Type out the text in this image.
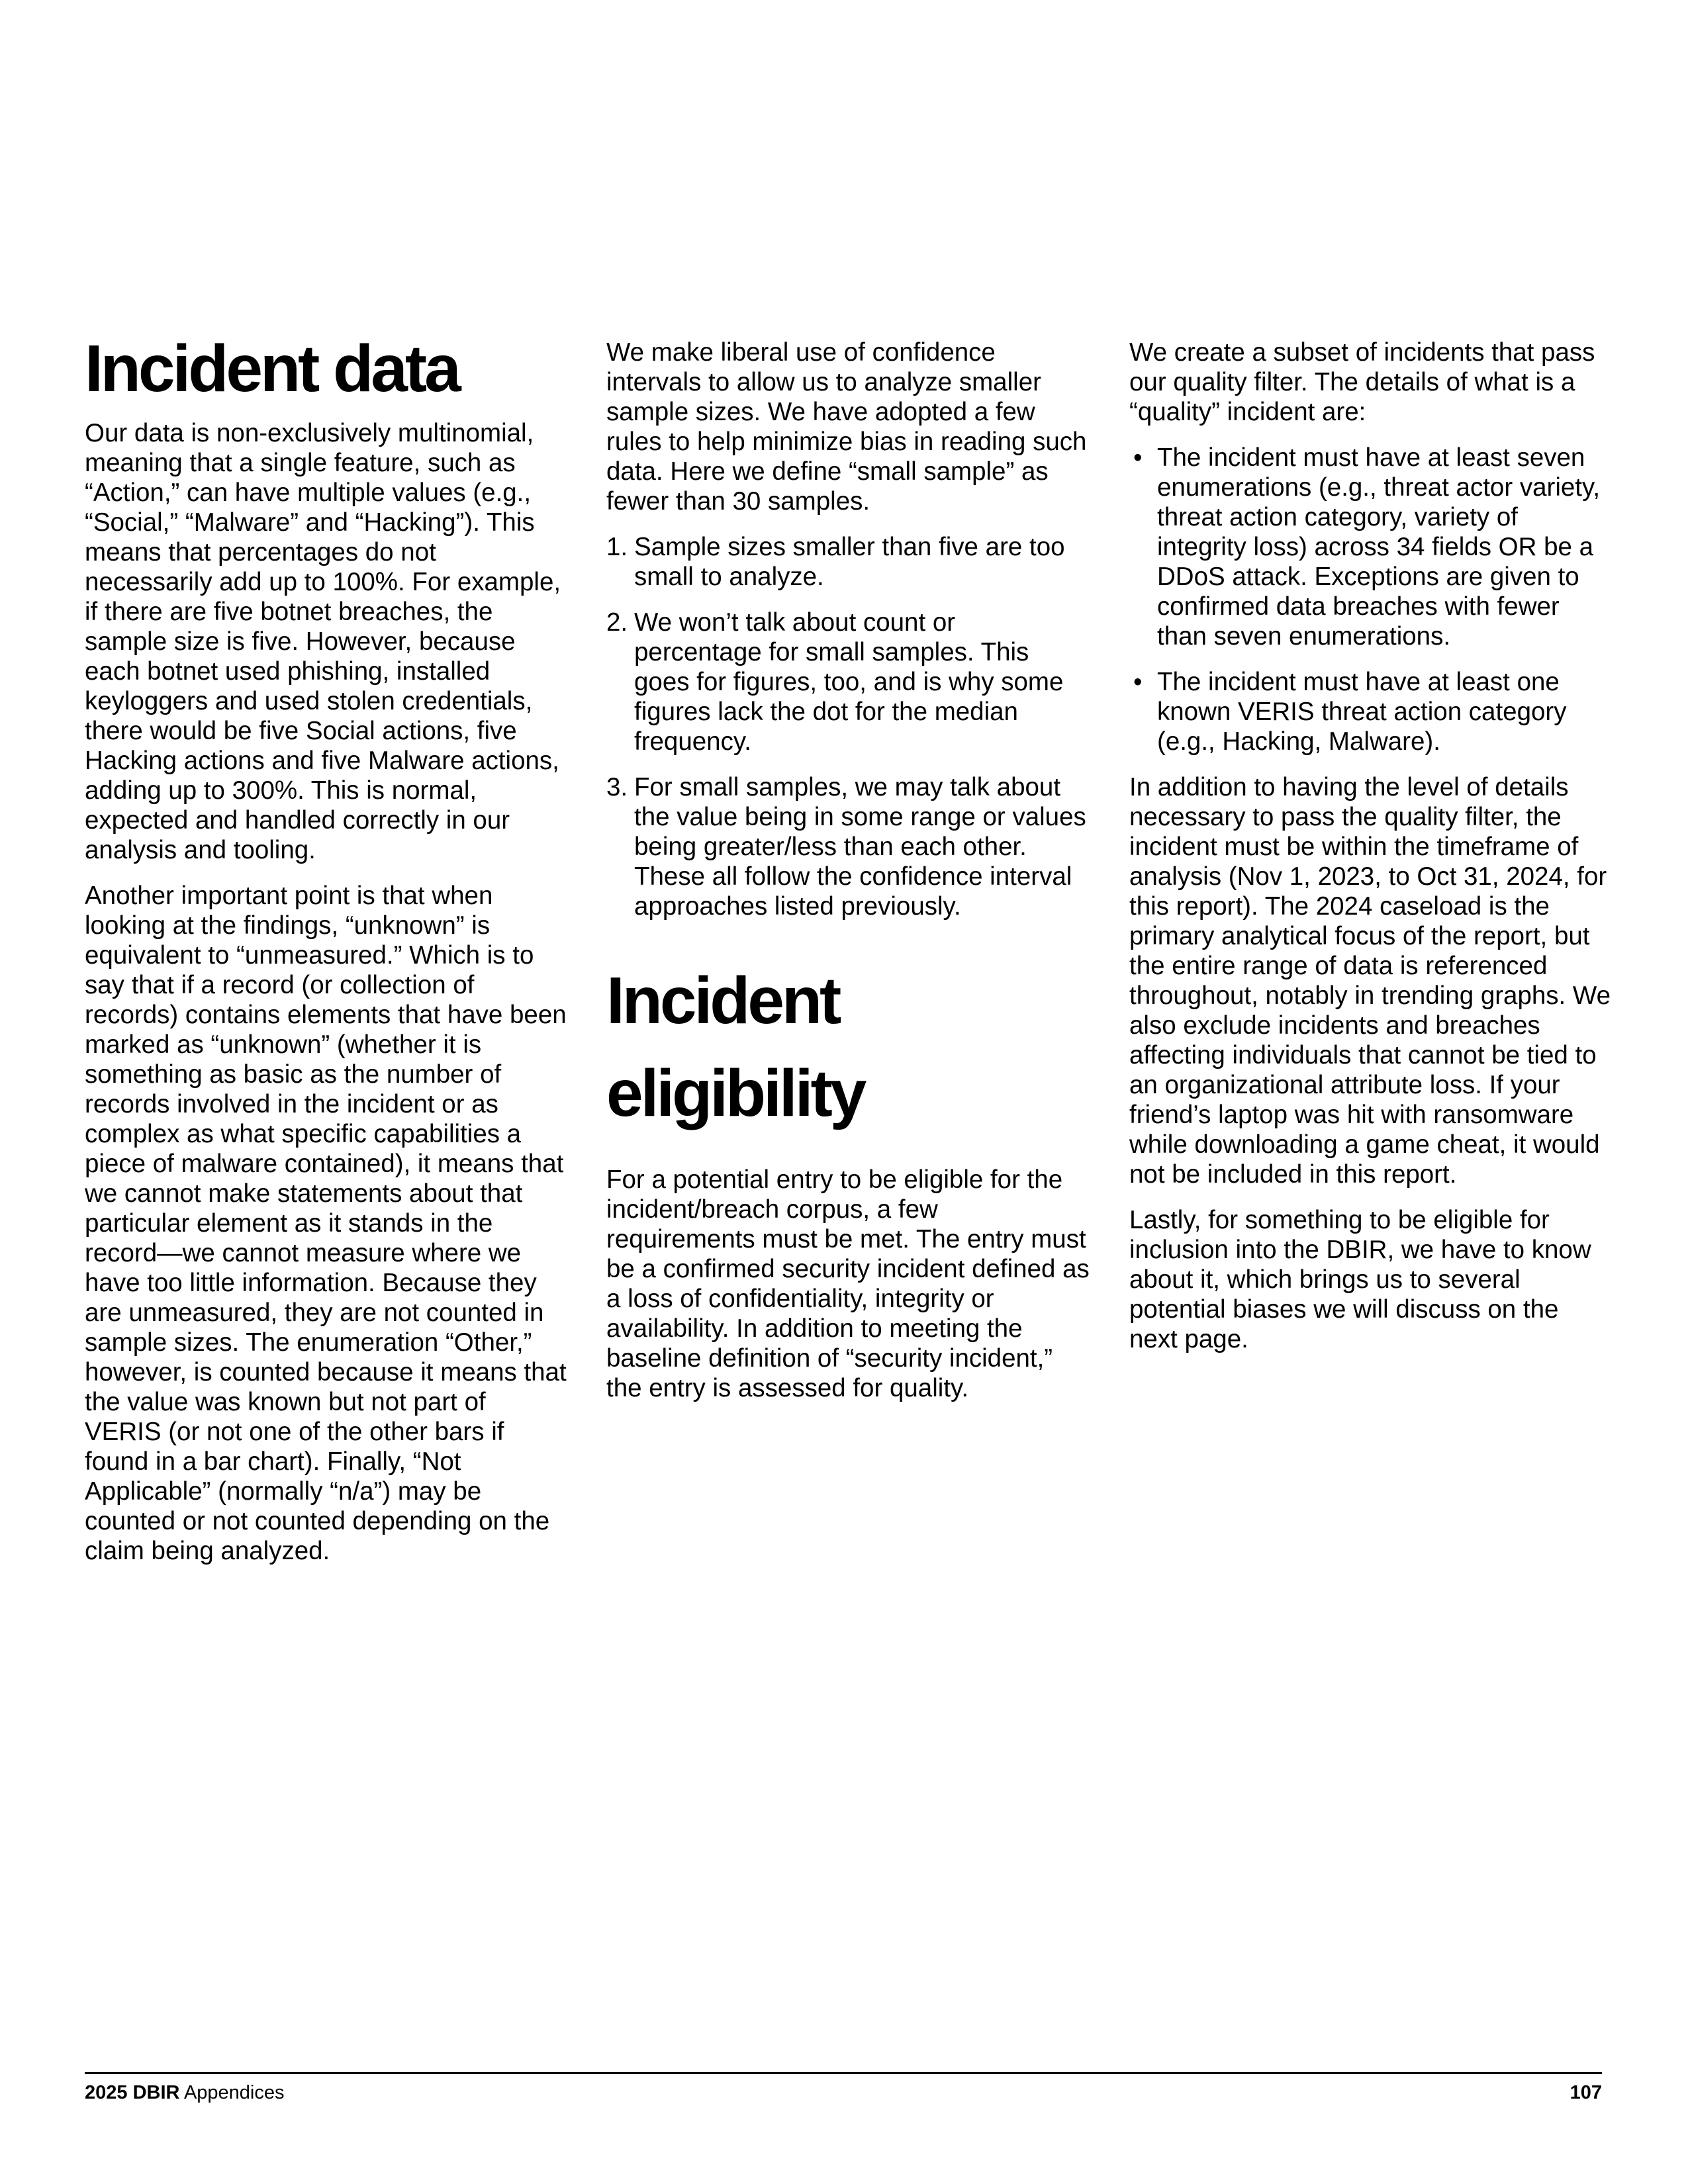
Incident data

Our data is non-exclusively multinomial, meaning that a single feature, such as “Action,” can have multiple values (e.g., “Social,” “Malware” and “Hacking”). This means that percentages do not necessarily add up to 100%. For example, if there are five botnet breaches, the sample size is five. However, because each botnet used phishing, installed keyloggers and used stolen credentials, there would be five Social actions, five Hacking actions and five Malware actions, adding up to 300%. This is normal, expected and handled correctly in our analysis and tooling.

Another important point is that when looking at the findings, “unknown” is equivalent to “unmeasured.” Which is to say that if a record (or collection of records) contains elements that have been marked as “unknown” (whether it is something as basic as the number of records involved in the incident or as complex as what specific capabilities a piece of malware contained), it means that we cannot make statements about that particular element as it stands in the record—we cannot measure where we have too little information. Because they are unmeasured, they are not counted in sample sizes. The enumeration “Other,” however, is counted because it means that the value was known but not part of VERIS (or not one of the other bars if found in a bar chart). Finally, “Not Applicable” (normally “n/a”) may be counted or not counted depending on the claim being analyzed.

We make liberal use of confidence intervals to allow us to analyze smaller sample sizes. We have adopted a few rules to help minimize bias in reading such data. Here we define “small sample” as fewer than 30 samples.

1. Sample sizes smaller than five are too small to analyze.
2. We won’t talk about count or percentage for small samples. This goes for figures, too, and is why some figures lack the dot for the median frequency.
3. For small samples, we may talk about the value being in some range or values being greater/less than each other. These all follow the confidence interval approaches listed previously.
Incident
eligibility

For a potential entry to be eligible for the incident/breach corpus, a few requirements must be met. The entry must be a confirmed security incident defined as a loss of confidentiality, integrity or availability. In addition to meeting the baseline definition of “security incident,” the entry is assessed for quality.

We create a subset of incidents that pass our quality filter. The details of what is a “quality” incident are:

• The incident must have at least seven enumerations (e.g., threat actor variety, threat action category, variety of integrity loss) across 34 fields OR be a DDoS attack. Exceptions are given to confirmed data breaches with fewer than seven enumerations.
• The incident must have at least one known VERIS threat action category (e.g., Hacking, Malware).

In addition to having the level of details necessary to pass the quality filter, the incident must be within the timeframe of analysis (Nov 1, 2023, to Oct 31, 2024, for this report). The 2024 caseload is the primary analytical focus of the report, but the entire range of data is referenced throughout, notably in trending graphs. We also exclude incidents and breaches affecting individuals that cannot be tied to an organizational attribute loss. If your friend’s laptop was hit with ransomware while downloading a game cheat, it would not be included in this report.

Lastly, for something to be eligible for inclusion into the DBIR, we have to know about it, which brings us to several potential biases we will discuss on the next page.

2025 DBIR Appendices	107
